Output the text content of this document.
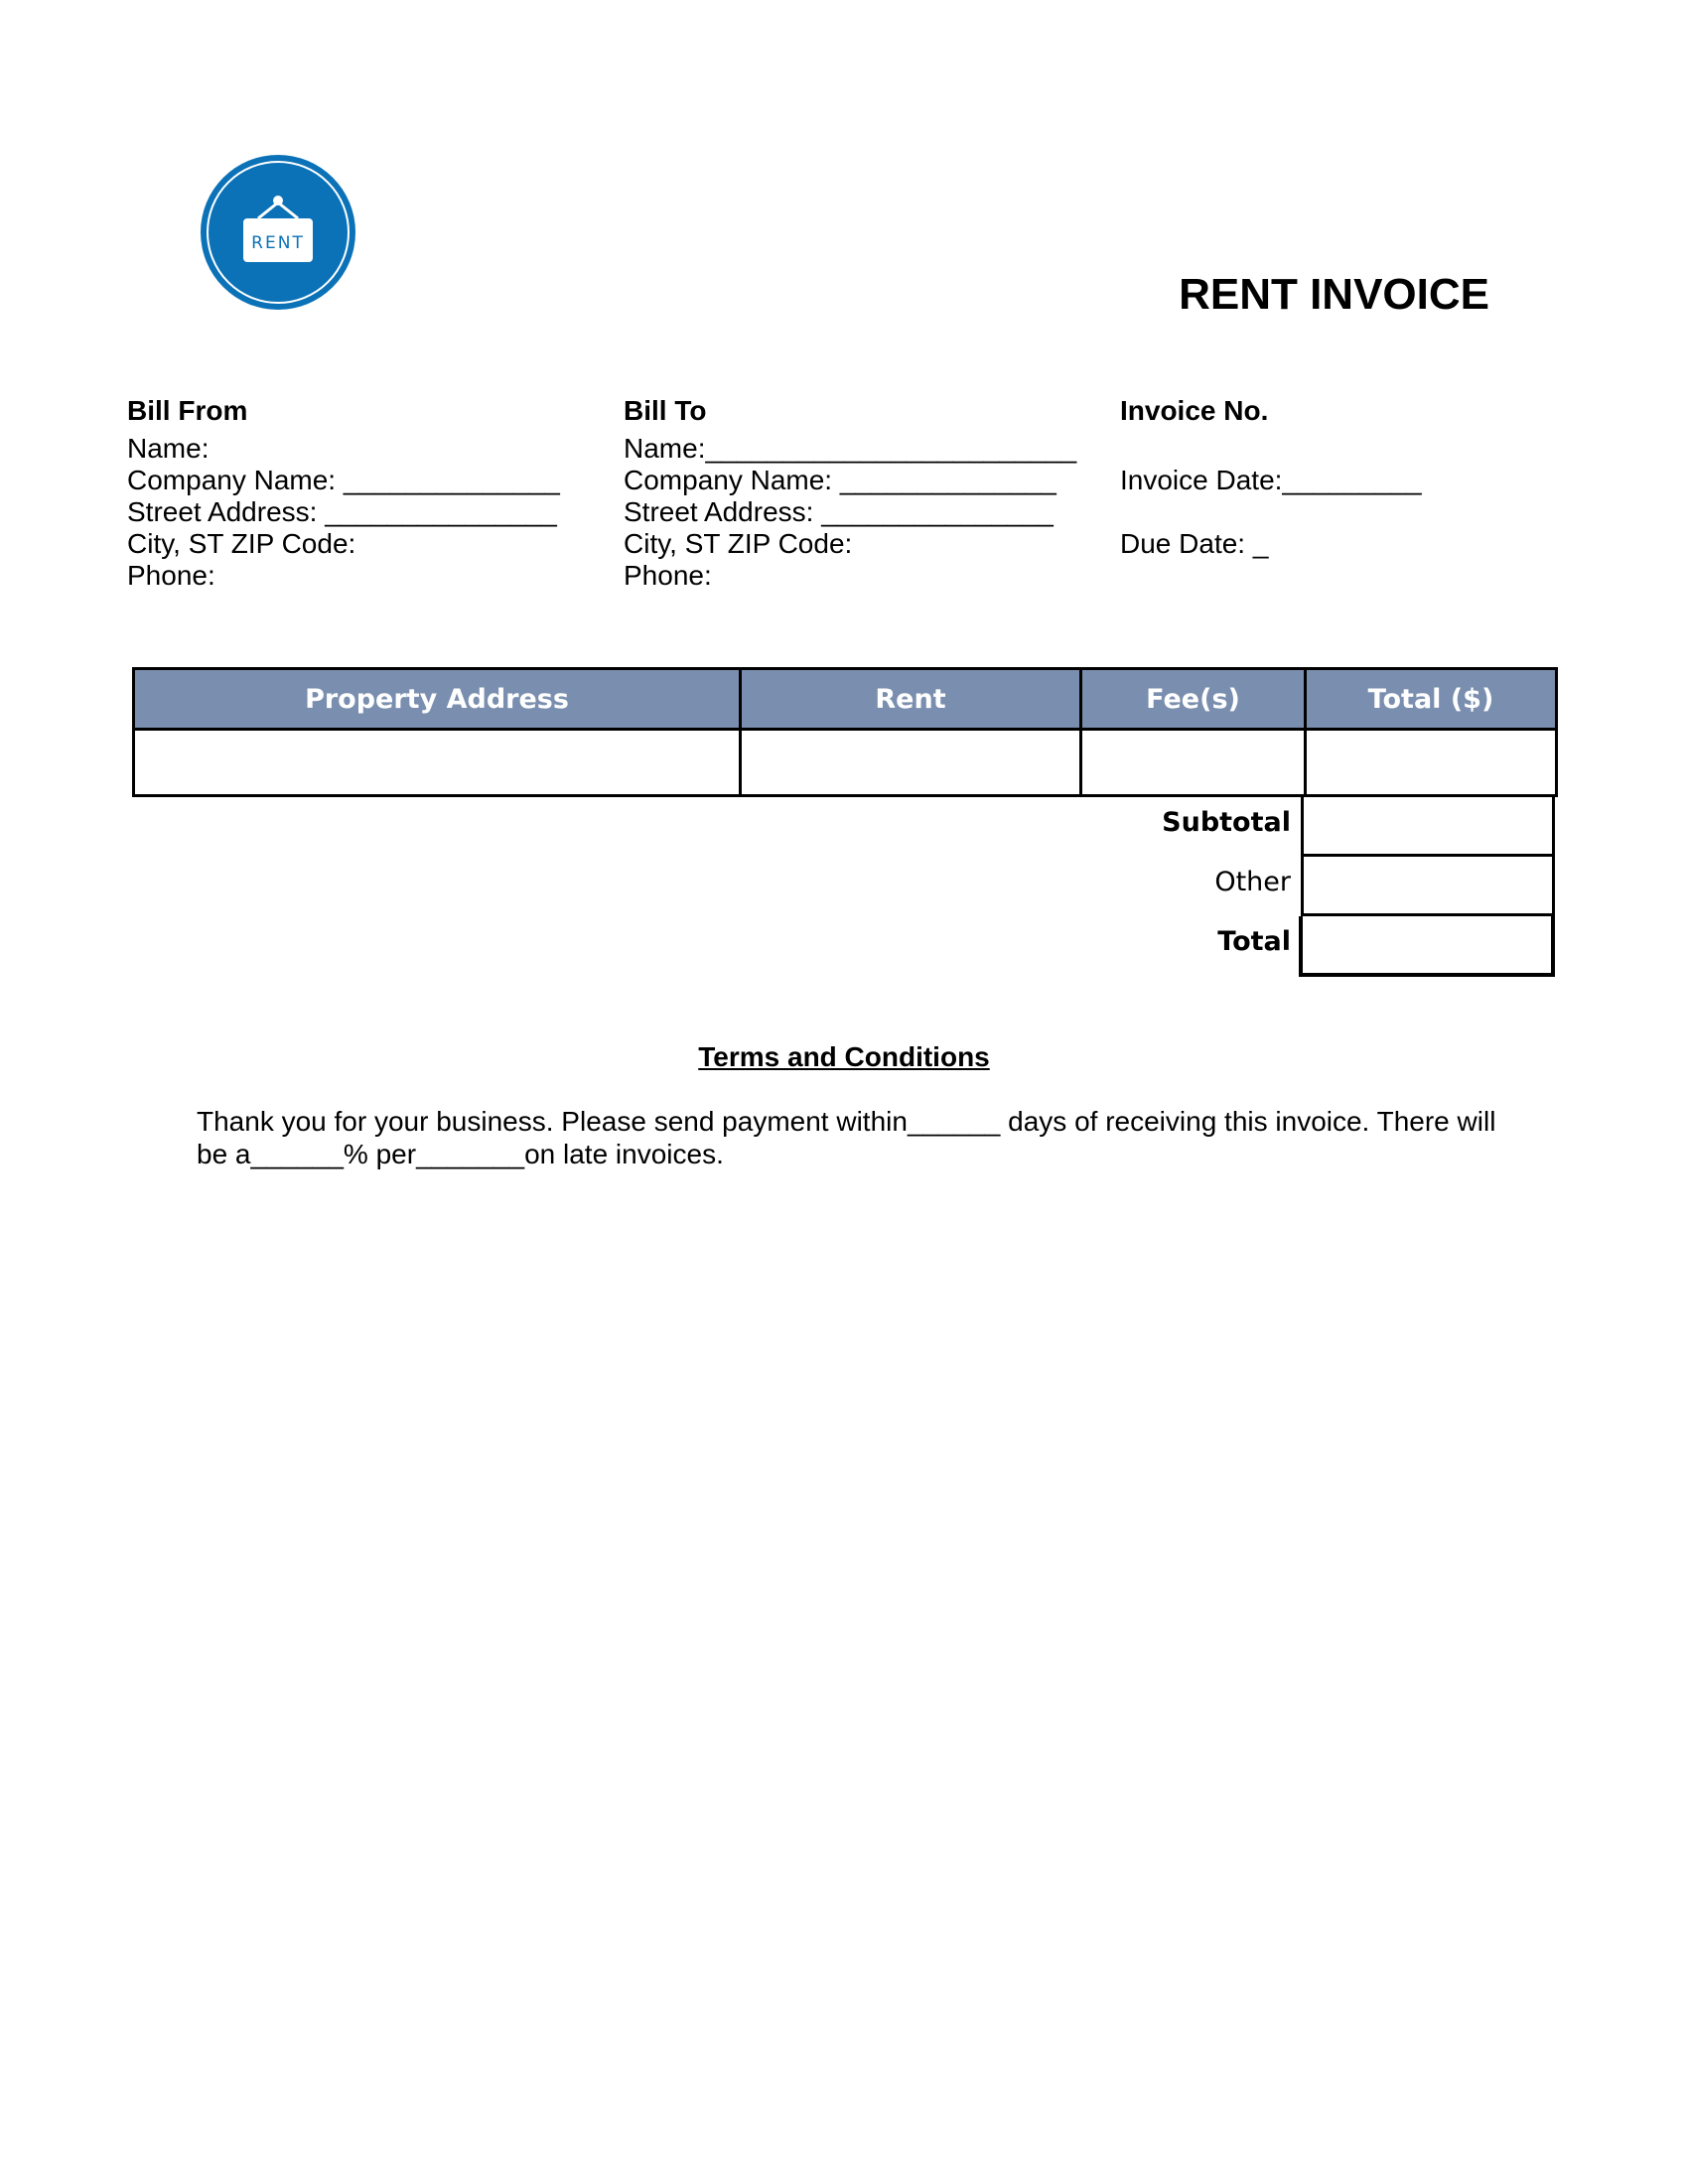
RENT
RENT INVOICE
Bill From
Name:
Company Name: ______________
Street Address: _______________
City, ST ZIP Code:
Phone:
Bill To
Name:________________________
Company Name: ______________
Street Address: _______________
City, ST ZIP Code:
Phone:
Invoice No.
Invoice Date:_________
Due Date: _
Property Address	Rent	Fee(s)	Total ($)

Subtotal
Other
Total
Terms and Conditions
Thank you for your business. Please send payment within______ days of receiving this invoice. There will be a______% per_______on late invoices.
